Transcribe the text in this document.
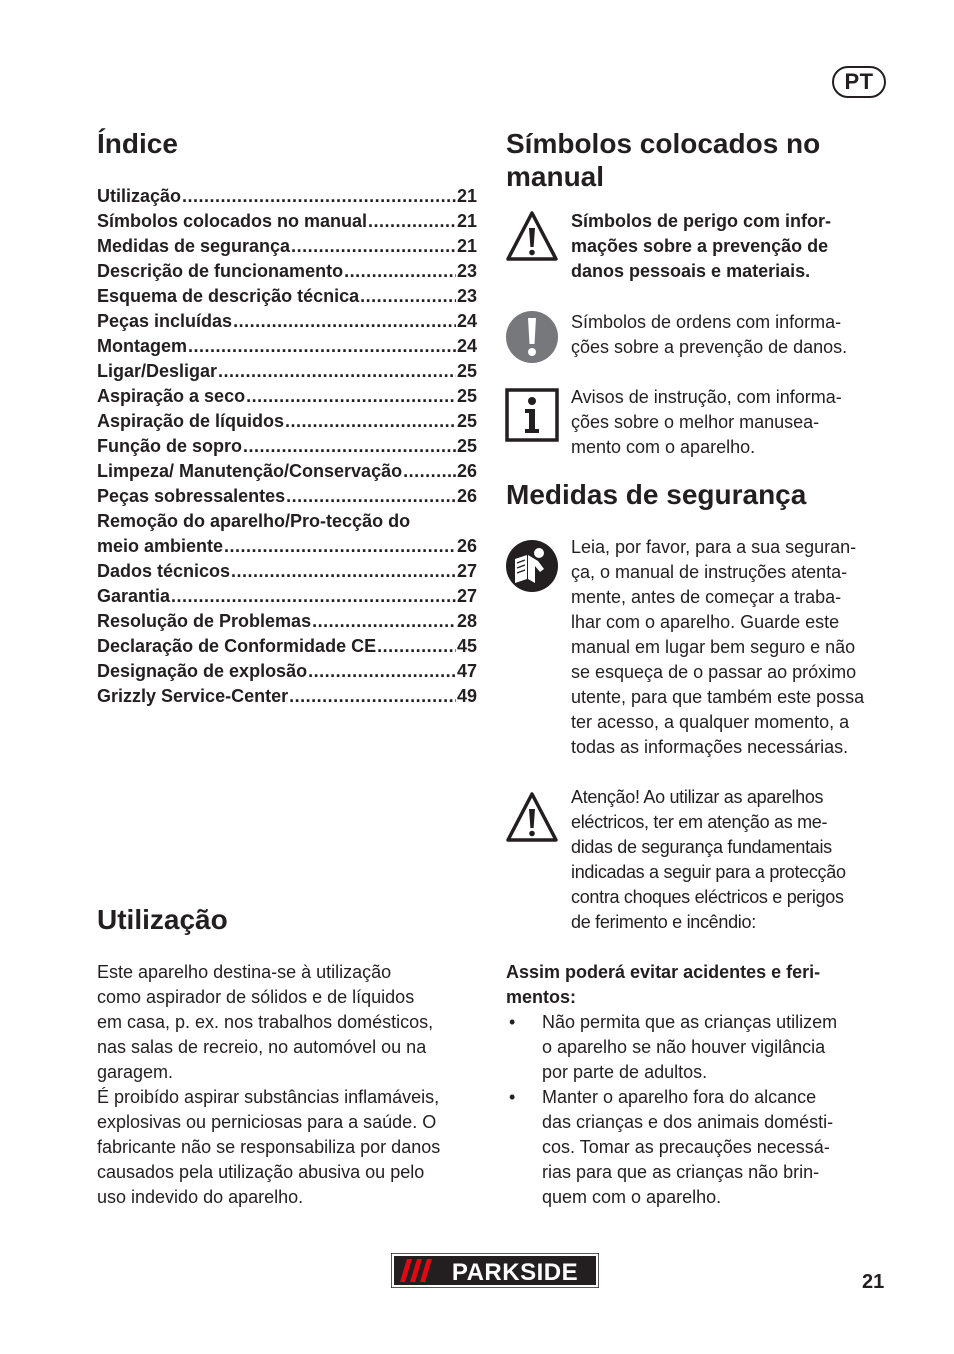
PT
Índice
Utilização .....	21
Símbolos colocados no manual .....	21
Medidas de segurança .....	21
Descrição de funcionamento .....	23
Esquema de descrição técnica .....	23
Peças incluídas .....	24
Montagem .....	24
Ligar/Desligar .....	25
Aspiração a seco .....	25
Aspiração de líquidos .....	25
Função de sopro .....	25
Limpeza/ Manutenção/Conservação ..... ..26
Peças sobressalentes .....	26
Remoção do aparelho/Pro-tecção do
meio ambiente .....	26
Dados técnicos .....	27
Garantia .....	27
Resolução de Problemas .....	28
Declaração de Conformidade CE .....	45
Designação de explosão .....	47
Grizzly Service-Center .....	49
Utilização
Este aparelho destina-se à utilização
como aspirador de sólidos e de líquidos
em casa, p. ex. nos trabalhos domésticos,
nas salas de recreio, no automóvel ou na
garagem.
É proibído aspirar substâncias inflamáveis,
explosivas ou perniciosas para a saúde. O
fabricante não se responsabiliza por danos
causados pela utilização abusiva ou pelo
uso indevido do aparelho.
Símbolos colocados no
manual

Símbolos de perigo com infor-
mações sobre a prevenção de
danos pessoais e materiais.

Símbolos de ordens com informa-
ções sobre a prevenção de danos.

Avisos de instrução, com informa-
ções sobre o melhor manusea-
mento com o aparelho.

Medidas de segurança

Leia, por favor, para a sua seguran-
ça, o manual de instruções atenta-
mente, antes de começar a traba-
lhar com o aparelho. Guarde este
manual em lugar bem seguro e não
se esqueça de o passar ao próximo
utente, para que também este possa
ter acesso, a qualquer momento, a
todas as informações necessárias.

Atenção! Ao utilizar as aparelhos
eléctricos, ter em atenção as me-
didas de segurança fundamentais
indicadas a seguir para a protecção
contra choques eléctricos e perigos
de ferimento e incêndio:

Assim poderá evitar acidentes e feri-
mentos:
• Não permita que as crianças utilizem
o aparelho se não houver vigilância
por parte de adultos.
• Manter o aparelho fora do alcance
das crianças e dos animais domésti-
cos. Tomar as precauções necessá-
rias para que as crianças não brin-
quem com o aparelho.
PARKSIDE	21
